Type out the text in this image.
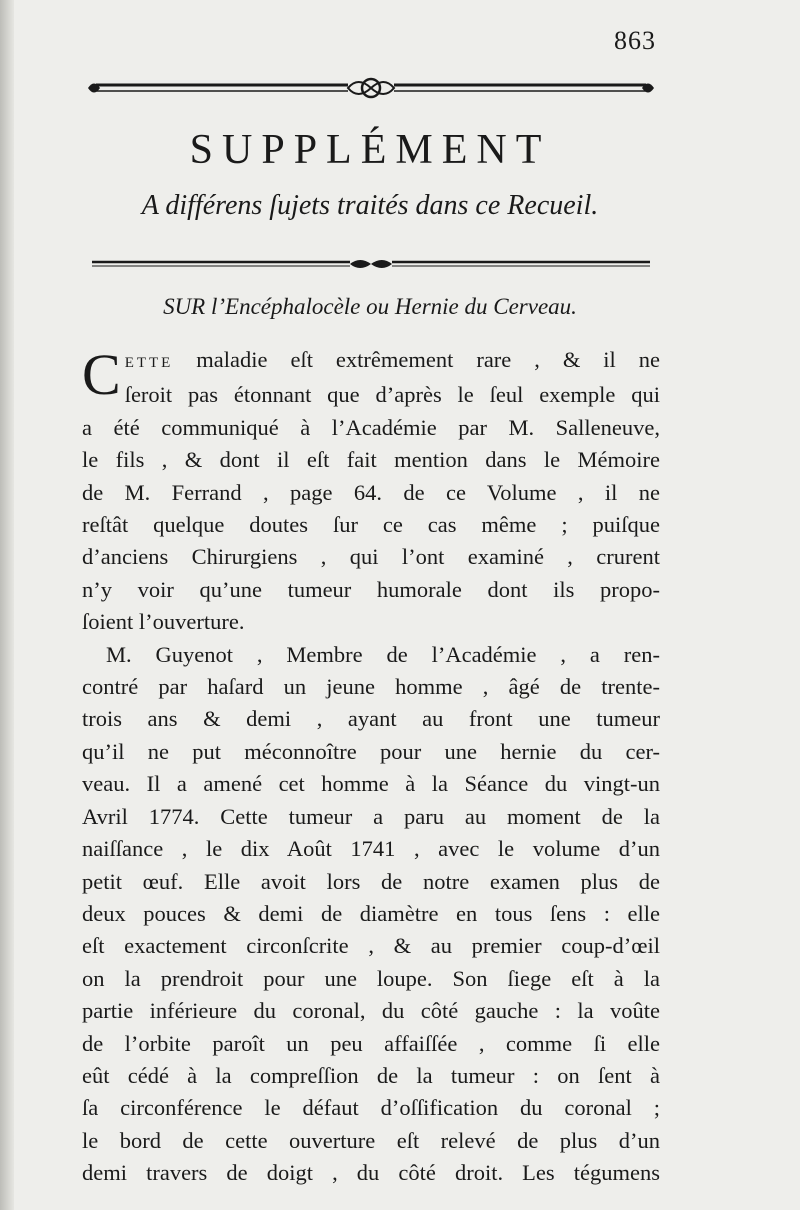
863
SUPPLÉMENT
A différens ſujets traités dans ce Recueil.
SUR l’Encéphalocèle ou Hernie du Cerveau.
C ETTE maladie eſt extrêmement rare , & il ne
ſeroit pas étonnant que d’après le ſeul exemple qui
a été communiqué à l’Académie par M. Salleneuve,
le fils , & dont il eſt fait mention dans le Mémoire
de M. Ferrand , page 64. de ce Volume , il ne
reſtât quelque doutes ſur ce cas même ; puiſque
d’anciens Chirurgiens , qui l’ont examiné , crurent
n’y voir qu’une tumeur humorale dont ils propo-
ſoient l’ouverture.
M. Guyenot , Membre de l’Académie , a ren-
contré par haſard un jeune homme , âgé de trente-
trois ans & demi , ayant au front une tumeur
qu’il ne put méconnoître pour une hernie du cer-
veau. Il a amené cet homme à la Séance du vingt-un
Avril 1774. Cette tumeur a paru au moment de la
naiſſance , le dix Août 1741 , avec le volume d’un
petit œuf. Elle avoit lors de notre examen plus de
deux pouces & demi de diamètre en tous ſens : elle
eſt exactement circonſcrite , & au premier coup-d’œil
on la prendroit pour une loupe. Son ſiege eſt à la
partie inférieure du coronal, du côté gauche : la voûte
de l’orbite paroît un peu affaiſſée , comme ſi elle
eût cédé à la compreſſion de la tumeur : on ſent à
ſa circonférence le défaut d’oſſification du coronal ;
le bord de cette ouverture eſt relevé de plus d’un
demi travers de doigt , du côté droit. Les tégumens
